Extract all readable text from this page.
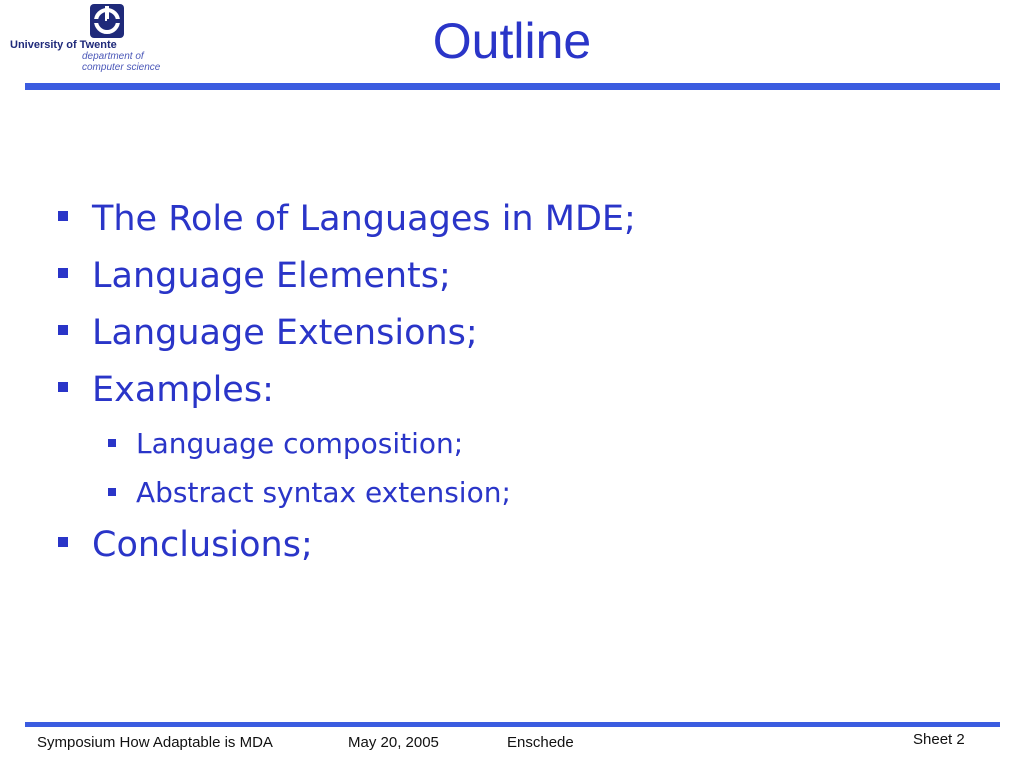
University of Twente
department of
computer science	Outline
The Role of Languages in MDE;
Language Elements;
Language Extensions;
Examples:
Language composition;
Abstract syntax extension;
Conclusions;
Symposium How Adaptable is MDA	May 20, 2005	Enschede	Sheet 2
